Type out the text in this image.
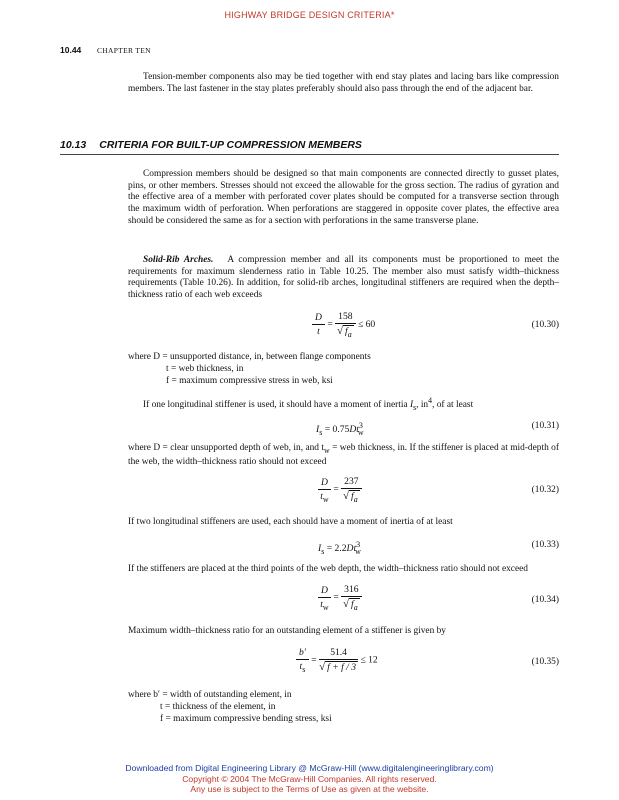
HIGHWAY BRIDGE DESIGN CRITERIA*
10.44 CHAPTER TEN
Tension-member components also may be tied together with end stay plates and lacing bars like compression members. The last fastener in the stay plates preferably should also pass through the end of the adjacent bar.
10.13 CRITERIA FOR BUILT-UP COMPRESSION MEMBERS
Compression members should be designed so that main components are connected directly to gusset plates, pins, or other members. Stresses should not exceed the allowable for the gross section. The radius of gyration and the effective area of a member with perforated cover plates should be computed for a transverse section through the maximum width of perforation. When perforations are staggered in opposite cover plates, the effective area should be considered the same as for a section with perforations in the same transverse plane.
Solid-Rib Arches. A compression member and all its components must be proportioned to meet the requirements for maximum slenderness ratio in Table 10.25. The member also must satisfy width–thickness requirements (Table 10.26). In addition, for solid-rib arches, longitudinal stiffeners are required when the depth–thickness ratio of each web exceeds
$\frac{D}{t} = \frac{158}{√ f_a} \le 60$	(10.30)
where D = unsupported distance, in, between flange components
t = web thickness, in
f = maximum compressive stress in web, ksi
If one longitudinal stiffener is used, it should have a moment of inertia $I_s$, $in^4$, of at least
$I_s = 0.75Dt^3_w$
(10.31)
where D = clear unsupported depth of web, in, and $t_w$ = web thickness, in. If the stiffener is placed at mid-depth of the web, the width–thickness ratio should not exceed
$\frac{D}{t_w} = \frac{237}{√ f_a}$	(10.32)
If two longitudinal stiffeners are used, each should have a moment of inertia of at least
$I_s = 2.2Dt^3_w$
(10.33)
If the stiffeners are placed at the third points of the web depth, the width–thickness ratio should not exceed
$\frac{D}{t_w} = \frac{316}{√ f_a}$	(10.34)
Maximum width–thickness ratio for an outstanding element of a stiffener is given by
$\frac{b'}{t_s} = \frac{51.4}{√ f + f / 3} \le 12$	(10.35)
where b′ = width of outstanding element, in
t = thickness of the element, in
f = maximum compressive bending stress, ksi
Downloaded from Digital Engineering Library @ McGraw-Hill (www.digitalengineeringlibrary.com)
Copyright © 2004 The McGraw-Hill Companies. All rights reserved.
Any use is subject to the Terms of Use as given at the website.
